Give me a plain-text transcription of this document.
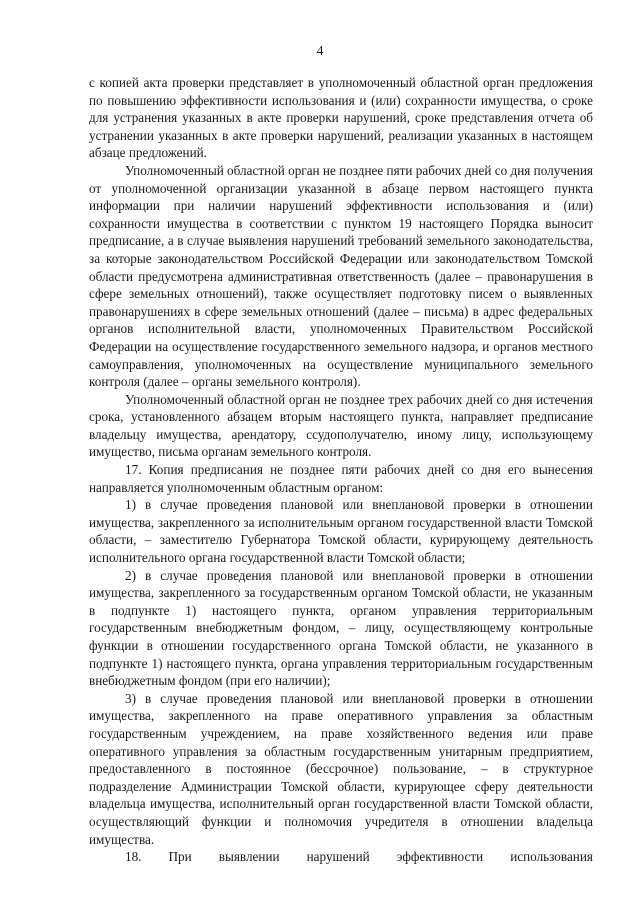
4

с копией акта проверки представляет в уполномоченный областной орган предложения по повышению эффективности использования и (или) сохранности имущества, о сроке для устранения указанных в акте проверки нарушений, сроке представления отчета об устранении указанных в акте проверки нарушений, реализации указанных в настоящем абзаце предложений.

Уполномоченный областной орган не позднее пяти рабочих дней со дня получения от уполномоченной организации указанной в абзаце первом настоящего пункта информации при наличии нарушений эффективности использования и (или) сохранности имущества в соответствии с пунктом 19 настоящего Порядка выносит предписание, а в случае выявления нарушений требований земельного законодательства, за которые законодательством Российской Федерации или законодательством Томской области предусмотрена административная ответственность (далее – правонарушения в сфере земельных отношений), также осуществляет подготовку писем о выявленных правонарушениях в сфере земельных отношений (далее – письма) в адрес федеральных органов исполнительной власти, уполномоченных Правительством Российской Федерации на осуществление государственного земельного надзора, и органов местного самоуправления, уполномоченных на осуществление муниципального земельного контроля (далее – органы земельного контроля).

Уполномоченный областной орган не позднее трех рабочих дней со дня истечения срока, установленного абзацем вторым настоящего пункта, направляет предписание владельцу имущества, арендатору, ссудополучателю, иному лицу, использующему имущество, письма органам земельного контроля.

17. Копия предписания не позднее пяти рабочих дней со дня его вынесения направляется уполномоченным областным органом:

1) в случае проведения плановой или внеплановой проверки в отношении имущества, закрепленного за исполнительным органом государственной власти Томской области, – заместителю Губернатора Томской области, курирующему деятельность исполнительного органа государственной власти Томской области;

2) в случае проведения плановой или внеплановой проверки в отношении имущества, закрепленного за государственным органом Томской области, не указанным в подпункте 1) настоящего пункта, органом управления территориальным государственным внебюджетным фондом, – лицу, осуществляющему контрольные функции в отношении государственного органа Томской области, не указанного в подпункте 1) настоящего пункта, органа управления территориальным государственным внебюджетным фондом (при его наличии);

3) в случае проведения плановой или внеплановой проверки в отношении имущества, закрепленного на праве оперативного управления за областным государственным учреждением, на праве хозяйственного ведения или праве оперативного управления за областным государственным унитарным предприятием, предоставленного в постоянное (бессрочное) пользование, – в структурное подразделение Администрации Томской области, курирующее сферу деятельности владельца имущества, исполнительный орган государственной власти Томской области, осуществляющий функции и полномочия учредителя в отношении владельца имущества.

18. При выявлении нарушений эффективности использования
